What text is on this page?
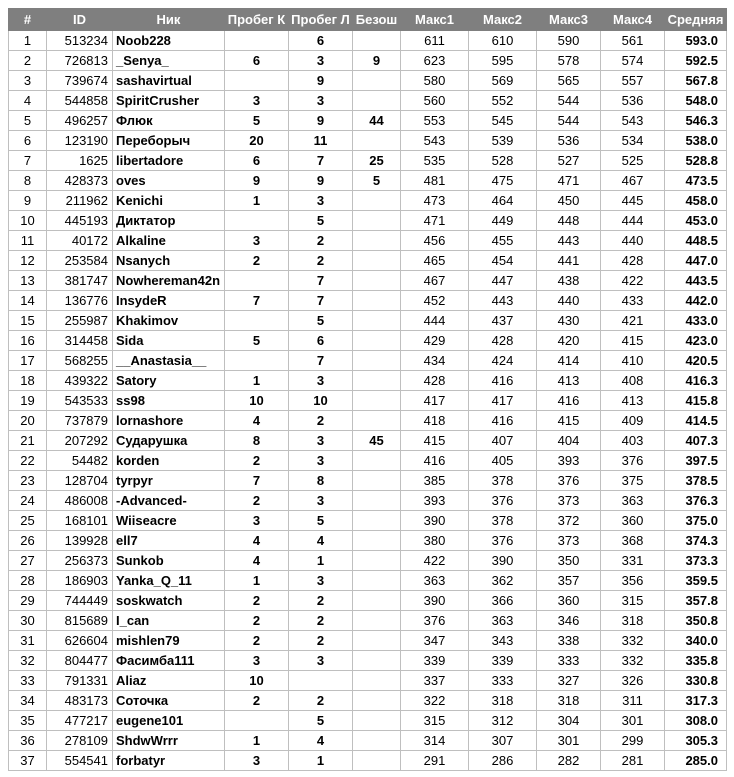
#	ID	Ник	Пробег К	Пробег Л	Безош	Макс1	Макс2	Макс3	Макс4	Средняя
1	513234	Noob228		6		611	610	590	561	593.0
2	726813	_Senya_	6	3	9	623	595	578	574	592.5
3	739674	sashavirtual		9		580	569	565	557	567.8
4	544858	SpiritCrusher	3	3		560	552	544	536	548.0
5	496257	Флюк	5	9	44	553	545	544	543	546.3
6	123190	Переборыч	20	11		543	539	536	534	538.0
7	1625	libertadore	6	7	25	535	528	527	525	528.8
8	428373	oves	9	9	5	481	475	471	467	473.5
9	211962	Kenichi	1	3		473	464	450	445	458.0
10	445193	Диктатор		5		471	449	448	444	453.0
11	40172	Alkaline	3	2		456	455	443	440	448.5
12	253584	Nsanych	2	2		465	454	441	428	447.0
13	381747	Nowhereman42n		7		467	447	438	422	443.5
14	136776	InsydeR	7	7		452	443	440	433	442.0
15	255987	Khakimov		5		444	437	430	421	433.0
16	314458	Sida	5	6		429	428	420	415	423.0
17	568255	__Anastasia__		7		434	424	414	410	420.5
18	439322	Satory	1	3		428	416	413	408	416.3
19	543533	ss98	10	10		417	417	416	413	415.8
20	737879	lornashore	4	2		418	416	415	409	414.5
21	207292	Сударушка	8	3	45	415	407	404	403	407.3
22	54482	korden	2	3		416	405	393	376	397.5
23	128704	tyrpyr	7	8		385	378	376	375	378.5
24	486008	-Advanced-	2	3		393	376	373	363	376.3
25	168101	Wiiseacre	3	5		390	378	372	360	375.0
26	139928	ell7	4	4		380	376	373	368	374.3
27	256373	Sunkob	4	1		422	390	350	331	373.3
28	186903	Yanka_Q_11	1	3		363	362	357	356	359.5
29	744449	soskwatch	2	2		390	366	360	315	357.8
30	815689	I_can	2	2		376	363	346	318	350.8
31	626604	mishlen79	2	2		347	343	338	332	340.0
32	804477	Фасимба111	3	3		339	339	333	332	335.8
33	791331	Aliaz	10			337	333	327	326	330.8
34	483173	Соточка	2	2		322	318	318	311	317.3
35	477217	eugene101		5		315	312	304	301	308.0
36	278109	ShdwWrrr	1	4		314	307	301	299	305.3
37	554541	forbatyr	3	1		291	286	282	281	285.0
